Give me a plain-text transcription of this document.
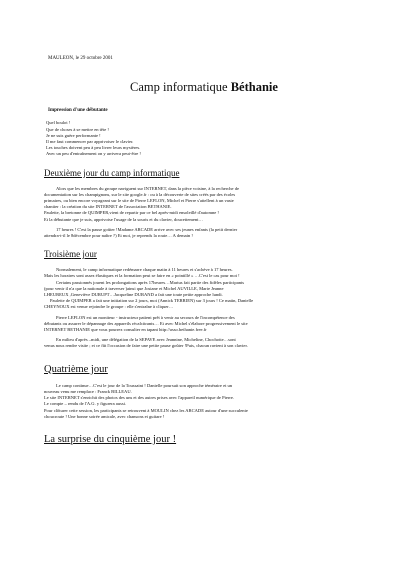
MAULEON, le 29 octobre 2001
Camp informatique Béthanie
Impression d'une débutante
Quel boulot !
Que de choses à se mettre en tête !
Je ne suis guère performante !
Il me faut commencer par apprivoiser le clavier.
Les touches doivent peu à peu livrer leurs mystères.
Avec un peu d'entraînement on y arrivera peut-être !
Deuxième jour du camp informatique
Alors que les membres du groupe naviguent sur INTERNET, dans la pièce voisine, à la recherche de
documentation sur les champignons, sur le site google.fr : ou à la découverte de sites créés par des écoles
primaires, ou bien encore voyageant sur le site de Pierre LEFLON, Michel et Pierre s'attellent à un vaste
chantier : la création du site INTERNET de l'association BETHANIE.
Paulette, la bretonne de QUIMPER,vient de repartir par ce bel après-midi ensoleillé d'automne !
Et la débutante que je suis, apprivoise l'usage de la souris et du clavier, doucettement…
17 heures ! C'est la pause goûter !Madame ARCADE arrive avec ses jeunes enfants (la petit dernier
attendra-t-il le 8décembre pour naître ?) Et moi, je reprends la route… A demain !
Troisième jour
Normalement, le camp informatique redémarre chaque matin à 11 heures et s'achève à 17 heures.
Mais les horaires sont assez élastiques et la formation peut se faire en « pointillé » …C'est le cas pour moi !
Certains passionnés jouent les prolongations après 17heures…Marius fait partie des fidèles participants
(pour venir il n'a que la nationale à traverser )ainsi que Josiane et Michel AUVILLE, Marie Jeanne
LHEUREUX ,Geneviève DURUPT…Jacqueline DURAND a fait une toute petite approche lundi.
Paulette de QUIMPER a fait une initiation sur 2 jours, moi (Annick TERRIEN) sur 3 jours ! Ce matin, Danielle
CHEYNOUX est venue rejoindre le groupe : elle s'entraîne à cliquer…
Pierre LEFLON est un moniteur - instructeur patient prêt à venir au secours de l'incompétence des
débutants ou assurer le dépannage des appareils récalcitrants… Et avec Michel s'élabore progressivement le site
INTERNET BETHANIE que vous pourrez consulter en tapant http://asso.bethanie.free.fr
En milieu d'après –midi, une délégation de la SEPAVE avec Jeannine, Micheline, Chochotte…sont
venus nous rendre visite ; et ce fût l'occasion de faire une petite pause goûter !Puis, chacun ravient à son clavier.
Quatrième jour
Le camp continue…C'est le jour de la Toussaint ! Danielle poursuit son approche téméraire et un
nouveau venu me remplace : Franck BILLEAU.
Le site INTERNET s'enrichit des photos des uns et des autres prises avec l'appareil numérique de Pierre.
Le compte – rendu de l'A.G. y figurera aussi.
Pour clôturer cette session, les participants se retrouvent à MOULIN chez les ARCADE autour d'une succulente
choucroute ! Une bonne soirée amicale, avec chansons et guitare !
La surprise du cinquième jour !
